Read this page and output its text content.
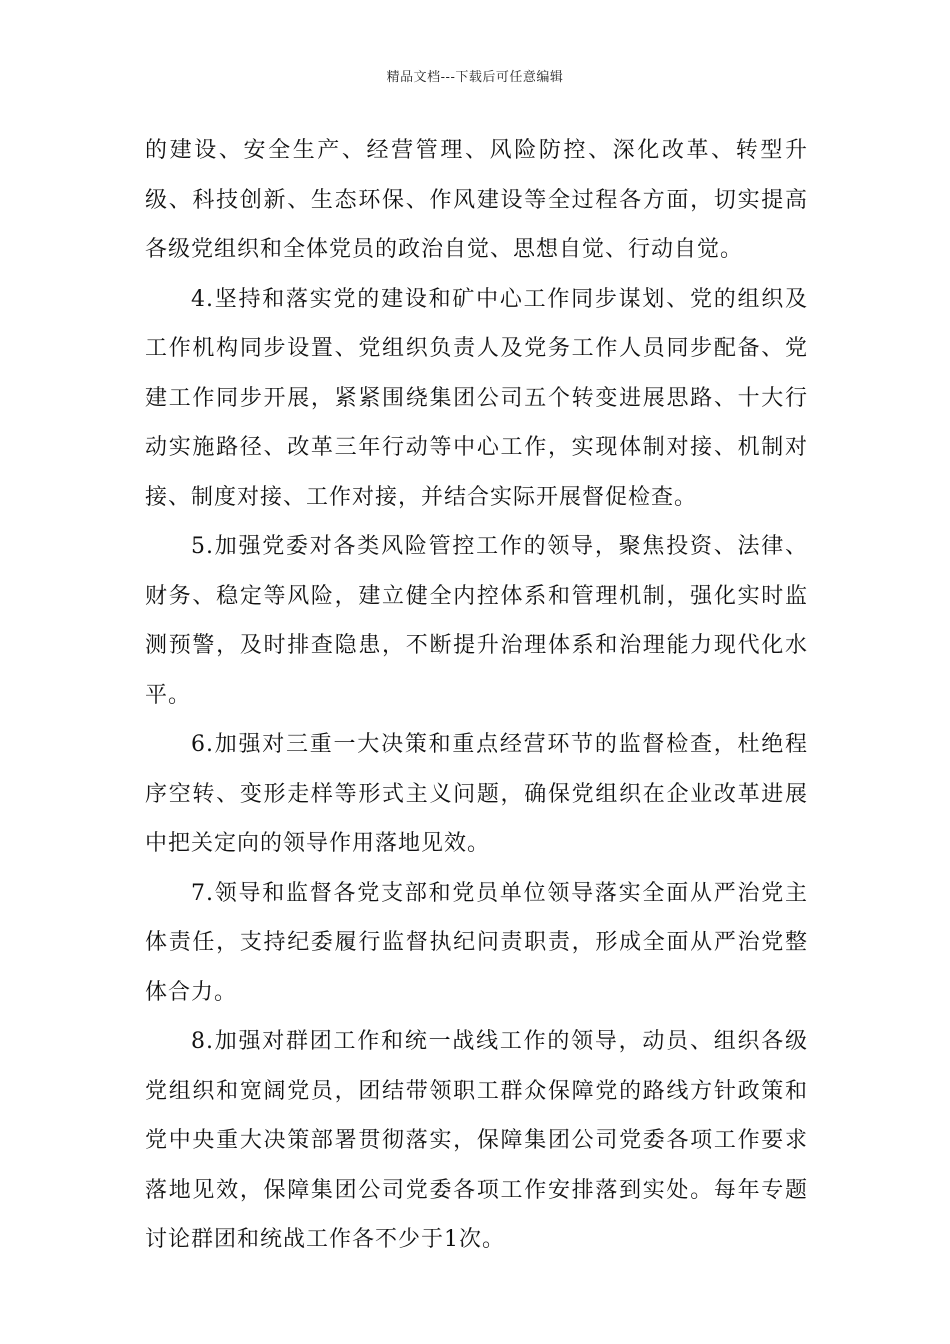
精品文档---下载后可任意编辑

的建设、安全生产、经营管理、风险防控、深化改革、转型升级、科技创新、生态环保、作风建设等全过程各方面，切实提高各级党组织和全体党员的政治自觉、思想自觉、行动自觉。

4.坚持和落实党的建设和矿中心工作同步谋划、党的组织及工作机构同步设置、党组织负责人及党务工作人员同步配备、党建工作同步开展，紧紧围绕集团公司五个转变进展思路、十大行动实施路径、改革三年行动等中心工作，实现体制对接、机制对接、制度对接、工作对接，并结合实际开展督促检查。

5.加强党委对各类风险管控工作的领导，聚焦投资、法律、财务、稳定等风险，建立健全内控体系和管理机制，强化实时监测预警，及时排查隐患，不断提升治理体系和治理能力现代化水平。

6.加强对三重一大决策和重点经营环节的监督检查，杜绝程序空转、变形走样等形式主义问题，确保党组织在企业改革进展中把关定向的领导作用落地见效。

7.领导和监督各党支部和党员单位领导落实全面从严治党主体责任，支持纪委履行监督执纪问责职责，形成全面从严治党整体合力。

8.加强对群团工作和统一战线工作的领导，动员、组织各级党组织和宽阔党员，团结带领职工群众保障党的路线方针政策和党中央重大决策部署贯彻落实，保障集团公司党委各项工作要求落地见效，保障集团公司党委各项工作安排落到实处。每年专题讨论群团和统战工作各不少于1次。
